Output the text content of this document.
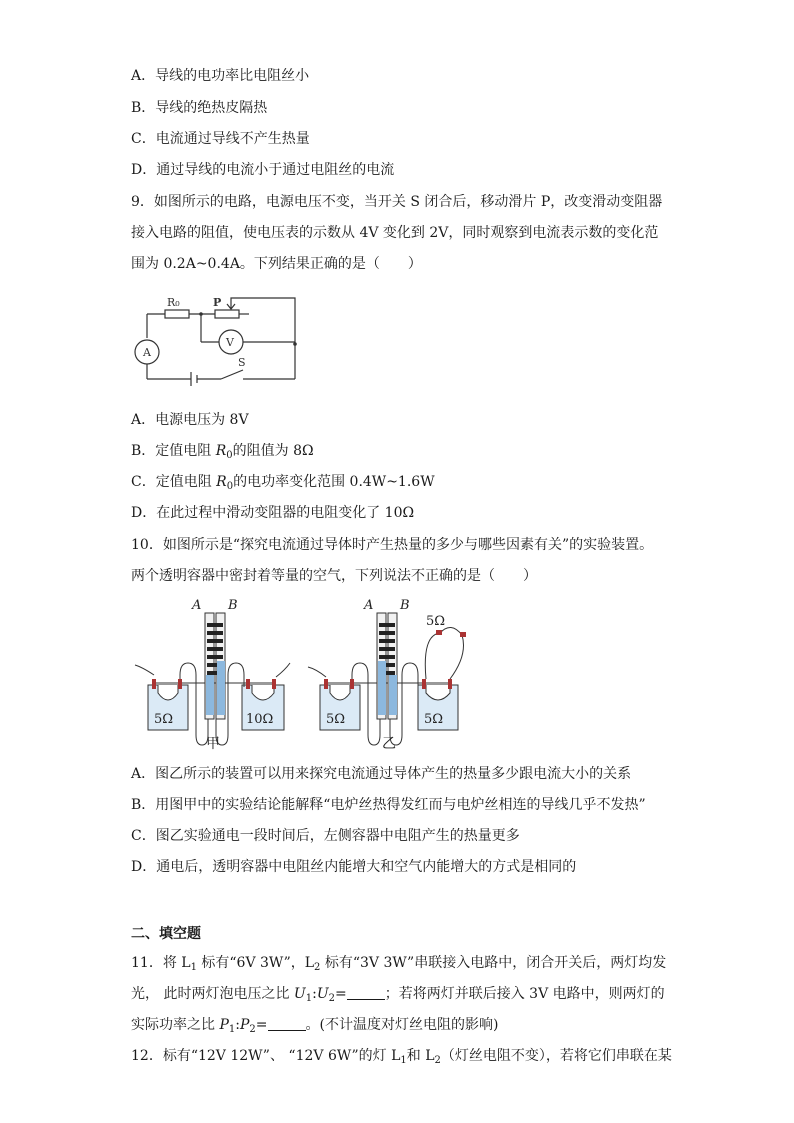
A．导线的电功率比电阻丝小
B．导线的绝热皮隔热
C．电流通过导线不产生热量
D．通过导线的电流小于通过电阻丝的电流
9．如图所示的电路，电源电压不变，当开关 S 闭合后，移动滑片 P，改变滑动变阻器
接入电路的阻值，使电压表的示数从 4V 变化到 2V，同时观察到电流表示数的变化范
围为 0.2A~0.4A。下列结果正确的是（　　）
R₀	P
V
A
S
A．电源电压为 8V
B．定值电阻 $R_0$的阻值为 8Ω
C．定值电阻 $R_0$的电功率变化范围 0.4W~1.6W
D．在此过程中滑动变阻器的电阻变化了 10Ω
10．如图所示是“探究电流通过导体时产生热量的多少与哪些因素有关”的实验装置。
两个透明容器中密封着等量的空气，下列说法不正确的是（　　）
A B
5Ω	10Ω
甲
A B
5Ω	5Ω
5Ω
乙
A．图乙所示的装置可以用来探究电流通过导体产生的热量多少跟电流大小的关系
B．用图甲中的实验结论能解释“电炉丝热得发红而与电炉丝相连的导线几乎不发热”
C．图乙实验通电一段时间后，左侧容器中电阻产生的热量更多
D．通电后，透明容器中电阻丝内能增大和空气内能增大的方式是相同的
二、填空题
11．将 $L_1$ 标有“6V 3W”，$L_2$ 标有“3V 3W”串联接入电路中，闭合开关后，两灯均发
光， 此时两灯泡电压之比 $U_1:U_2=$	；若将两灯并联后接入 3V 电路中，则两灯的
实际功率之比 $P_1:P_2=$	。(不计温度对灯丝电阻的影响)
12．标有“12V 12W”、 “12V 6W”的灯 $L_1$和 $L_2$（灯丝电阻不变），若将它们串联在某
